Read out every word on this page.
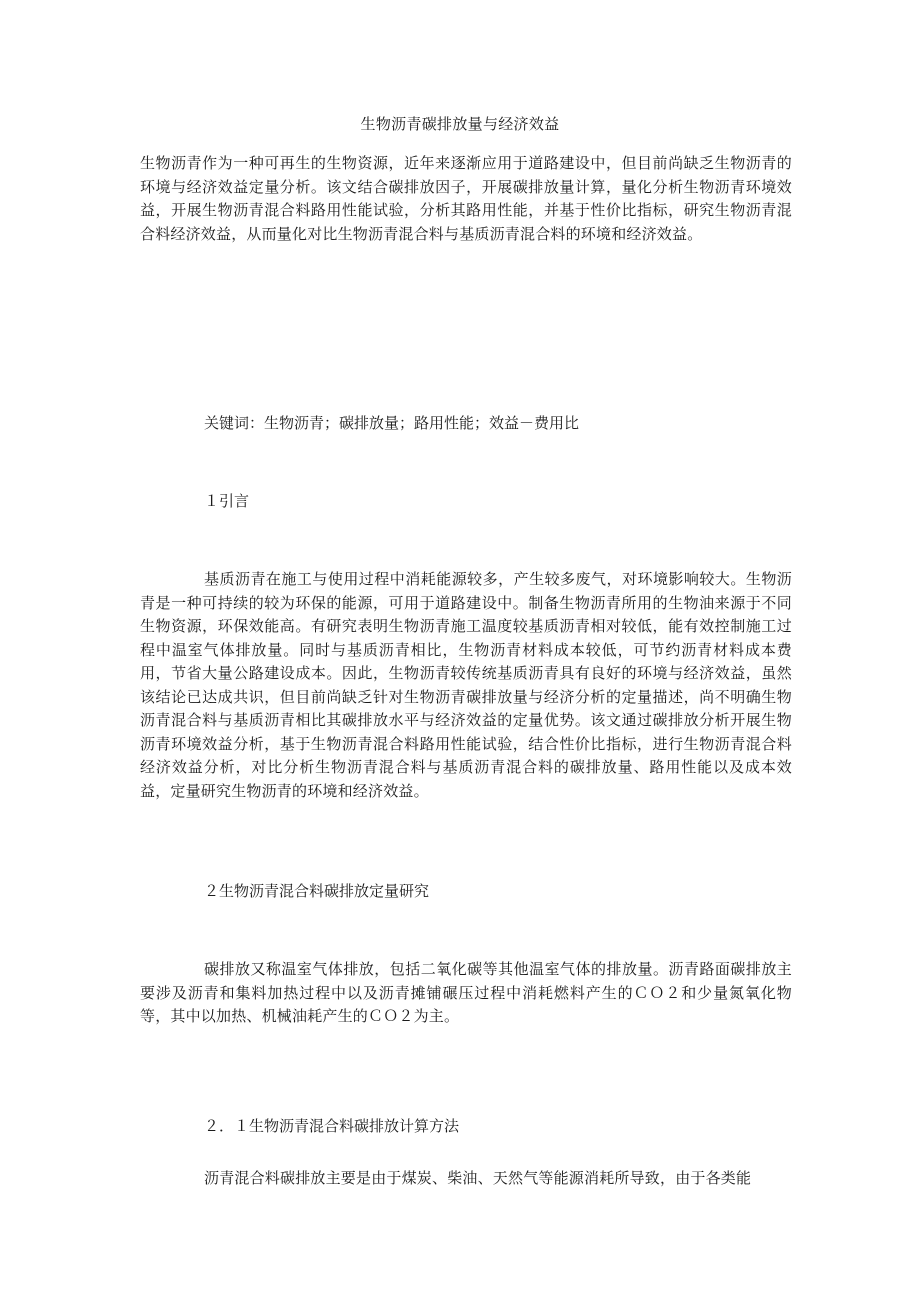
生物沥青碳排放量与经济效益

生物沥青作为一种可再生的生物资源，近年来逐渐应用于道路建设中，但目前尚缺乏生物沥青的环境与经济效益定量分析。该文结合碳排放因子，开展碳排放量计算，量化分析生物沥青环境效益，开展生物沥青混合料路用性能试验，分析其路用性能，并基于性价比指标，研究生物沥青混合料经济效益，从而量化对比生物沥青混合料与基质沥青混合料的环境和经济效益。

关键词：生物沥青；碳排放量；路用性能；效益－费用比
１引言

基质沥青在施工与使用过程中消耗能源较多，产生较多废气，对环境影响较大。生物沥青是一种可持续的较为环保的能源，可用于道路建设中。制备生物沥青所用的生物油来源于不同生物资源，环保效能高。有研究表明生物沥青施工温度较基质沥青相对较低，能有效控制施工过程中温室气体排放量。同时与基质沥青相比，生物沥青材料成本较低，可节约沥青材料成本费用，节省大量公路建设成本。因此，生物沥青较传统基质沥青具有良好的环境与经济效益，虽然该结论已达成共识，但目前尚缺乏针对生物沥青碳排放量与经济分析的定量描述，尚不明确生物沥青混合料与基质沥青相比其碳排放水平与经济效益的定量优势。该文通过碳排放分析开展生物沥青环境效益分析，基于生物沥青混合料路用性能试验，结合性价比指标，进行生物沥青混合料经济效益分析，对比分析生物沥青混合料与基质沥青混合料的碳排放量、路用性能以及成本效益，定量研究生物沥青的环境和经济效益。

２生物沥青混合料碳排放定量研究

碳排放又称温室气体排放，包括二氧化碳等其他温室气体的排放量。沥青路面碳排放主要涉及沥青和集料加热过程中以及沥青摊铺碾压过程中消耗燃料产生的ＣＯ２和少量氮氧化物等，其中以加热、机械油耗产生的ＣＯ２为主。

２．１生物沥青混合料碳排放计算方法

沥青混合料碳排放主要是由于煤炭、柴油、天然气等能源消耗所导致，由于各类能
